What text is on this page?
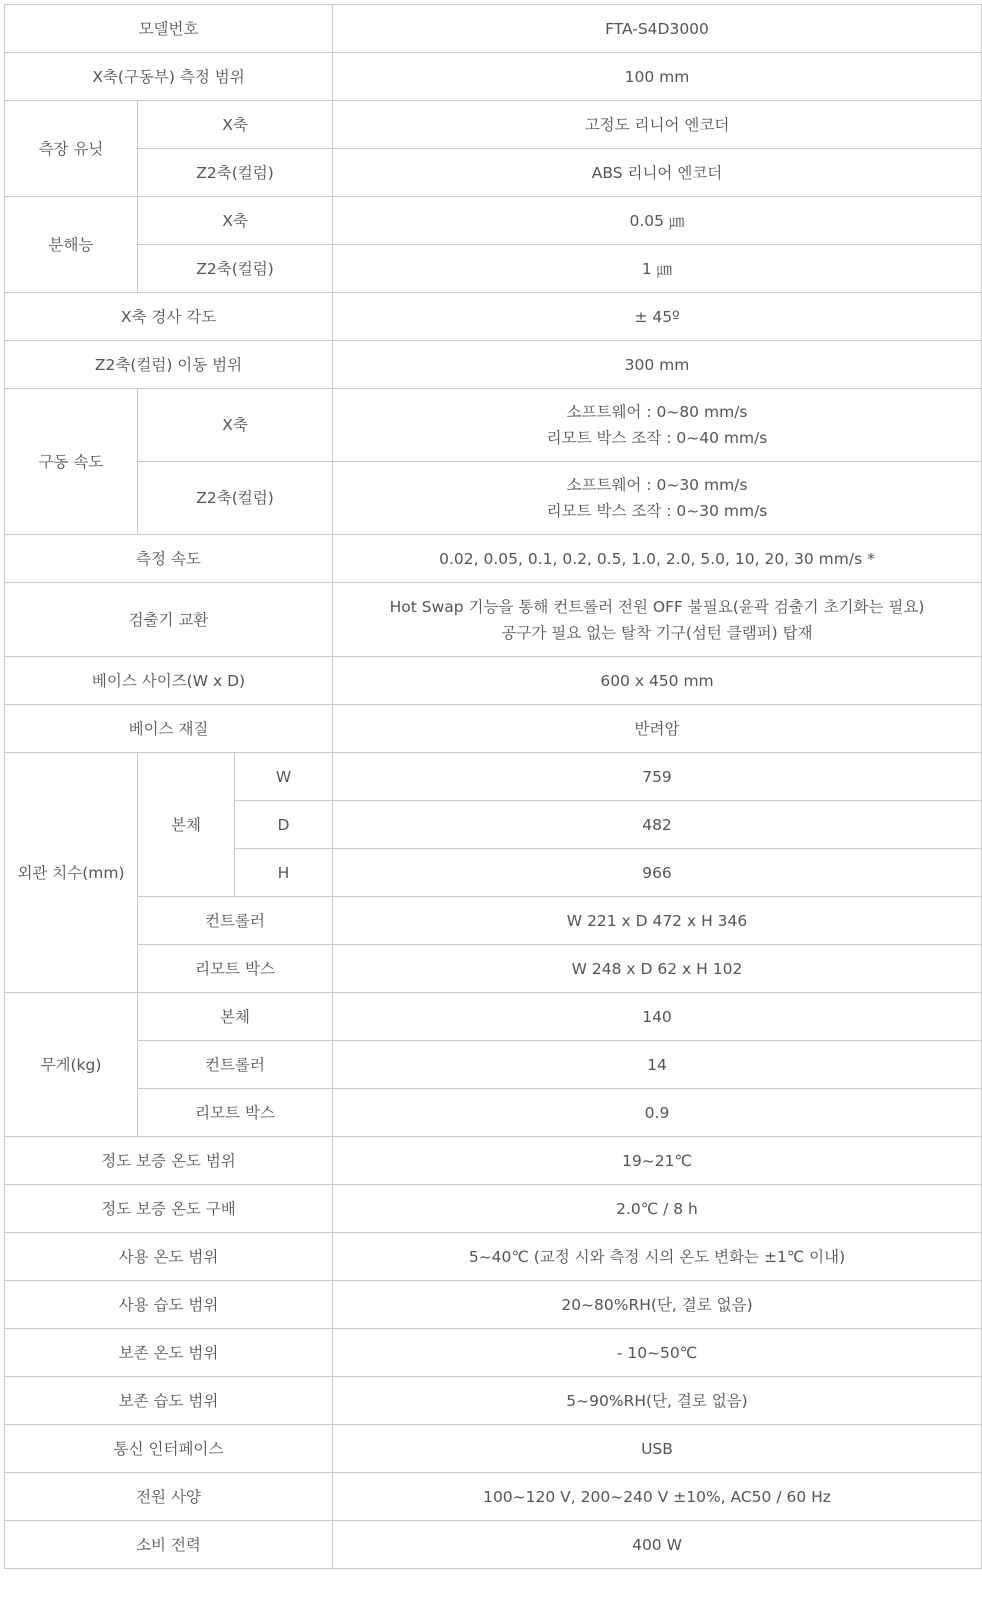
모델번호			FTA-S4D3000
X축(구동부) 측정 범위			100 mm
측장 유닛	X축		고정도 리니어 엔코더
	Z2축(컬럼)		ABS 리니어 엔코더
분해능	X축		0.05 ㎛
	Z2축(컬럼)		1 ㎛
X축 경사 각도			± 45º
Z2축(컬럼) 이동 범위			300 mm
구동 속도	X축		소프트웨어 : 0~80 mm/s
리모트 박스 조작 : 0~40 mm/s

	Z2축(컬럼)		소프트웨어 : 0~30 mm/s
리모트 박스 조작 : 0~30 mm/s

측정 속도			0.02, 0.05, 0.1, 0.2, 0.5, 1.0, 2.0, 5.0, 10, 20, 30 mm/s *
검출기 교환			Hot Swap 기능을 통해 컨트롤러 전원 OFF 불필요(윤곽 검출기 초기화는 필요)
공구가 필요 없는 탈착 기구(섬턴 클램퍼) 탑재

베이스 사이즈(W x D)			600 x 450 mm
베이스 재질			반려암
외관 치수(mm)	본체	W	759
		D	482
		H	966
	컨트롤러		W 221 x D 472 x H 346
	리모트 박스		W 248 x D 62 x H 102
무게(kg)	본체		140
	컨트롤러		14
	리모트 박스		0.9
정도 보증 온도 범위			19~21℃
정도 보증 온도 구배			2.0℃ / 8 h
사용 온도 범위			5~40℃ (교정 시와 측정 시의 온도 변화는 ±1℃ 이내)
사용 습도 범위			20~80%RH(단, 결로 없음)
보존 온도 범위			- 10~50℃
보존 습도 범위			5~90%RH(단, 결로 없음)
통신 인터페이스			USB
전원 사양			100~120 V, 200~240 V ±10%, AC50 / 60 Hz
소비 전력			400 W
